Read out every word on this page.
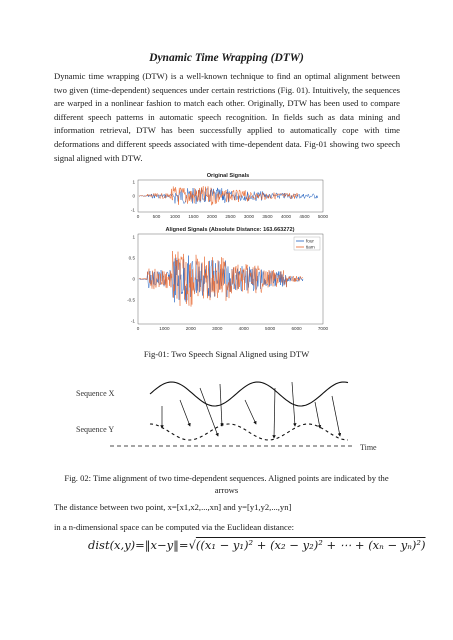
Dynamic Time Wrapping (DTW)

Dynamic time wrapping (DTW) is a well-known technique to find an optimal alignment between two given (time-dependent) sequences under certain restrictions (Fig. 01). Intuitively, the sequences are warped in a nonlinear fashion to match each other. Originally, DTW has been used to compare different speech patterns in automatic speech recognition. In fields such as data mining and information retrieval, DTW has been successfully applied to automatically cope with time deformations and different speeds associated with time-dependent data. Fig-01 showing two speech signal aligned with DTW.

Original Signals
1
0
-1
0	500 1000 1500 2000 2500 3000 3500 4000 4500 5000
Aligned Signals (Absolute Distance: 163.663272)
1
0.5
0
-0.5
-1
0	1000	2000	3000	4000	5000	6000	7000
four
tiam
Fig-01: Two Speech Signal Aligned using DTW
Sequence X
Sequence Y
Time
Fig. 02: Time alignment of two time-dependent sequences. Aligned points are indicated by the arrows
The distance between two point, x=[x1,x2,...,xn] and y=[y1,y2,...,yn]
in a n-dimensional space can be computed via the Euclidean distance:
dist(x,y)=‖x−y‖=√((x₁ − y₁)² + (x₂ − y₂)² + ⋯ + (xₙ − yₙ)²)
